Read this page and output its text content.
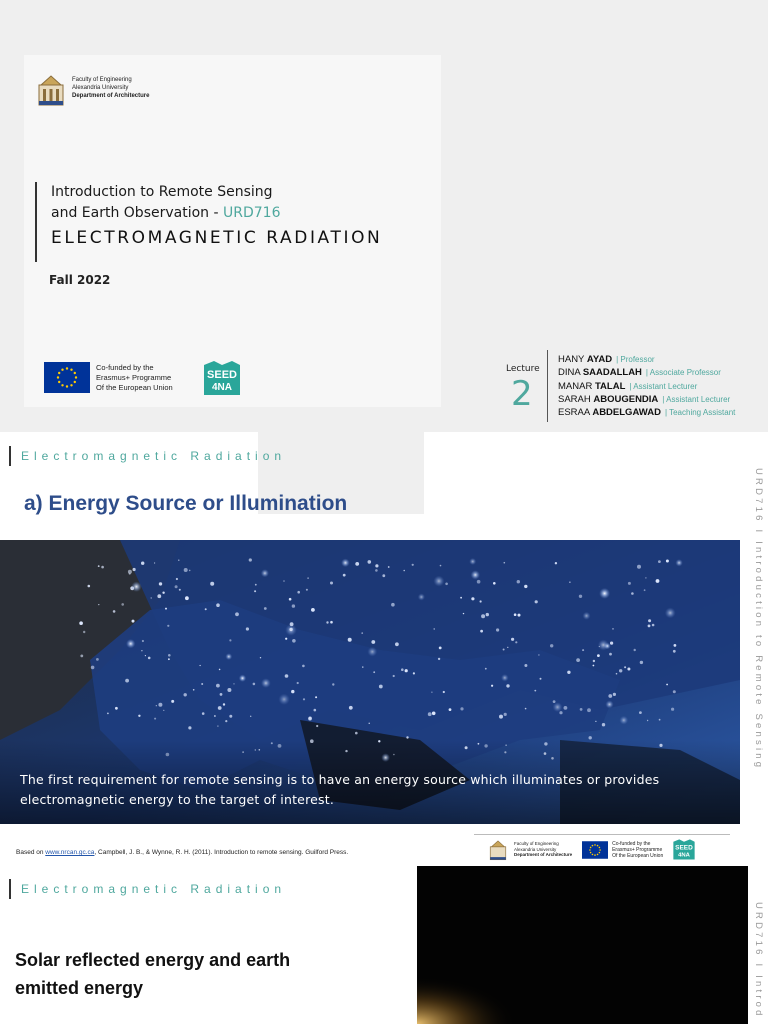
Faculty of Engineering
Alexandria University
Department of Architecture
Introduction to Remote Sensing
and Earth Observation - URD716
ELECTROMAGNETIC RADIATION
Fall 2022
Co-funded by the
Erasmus+ Programme
Of the European Union
SEED
4NA
Lecture
2
HANY AYAD | Professor
DINA SAADALLAH | Associate Professor
MANAR TALAL | Assistant Lecturer
SARAH ABOUGENDIA | Assistant Lecturer
ESRAA ABDELGAWAD | Teaching Assistant
Electromagnetic Radiation
a) Energy Source or Illumination
The first requirement for remote sensing is to have an energy source which illuminates or provides electromagnetic energy to the target of interest.
URD716 I Introduction to Remote Sensing
Based on www.nrcan.gc.ca, Campbell, J. B., & Wynne, R. H. (2011). Introduction to remote sensing. Guilford Press.
Faculty of Engineering
Alexandria University
Department of Architecture
Co-funded by the
Erasmus+ Programme
Of the European Union
SEED
4NA
Electromagnetic Radiation
Solar reflected energy and earth emitted energy	URD716 I Introd
